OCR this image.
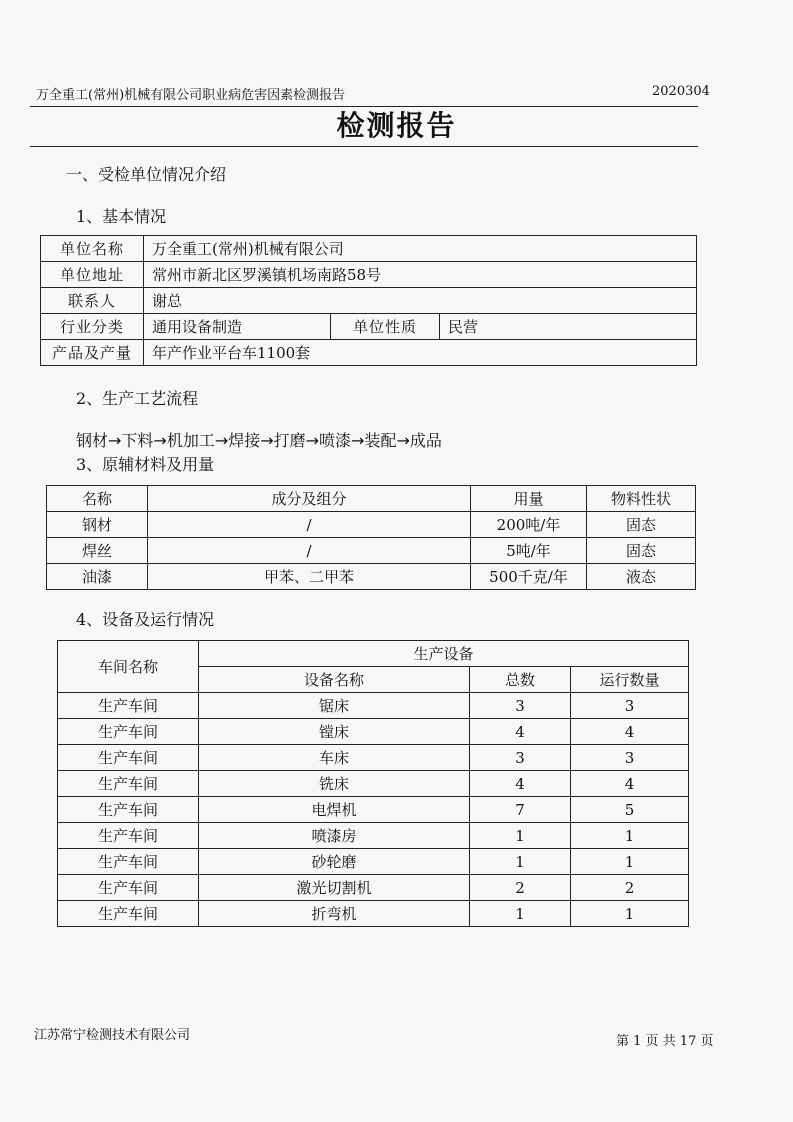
万全重工(常州)机械有限公司职业病危害因素检测报告	2020304
检测报告
一、受检单位情况介绍
1、基本情况
单位名称	万全重工(常州)机械有限公司		
单位地址	常州市新北区罗溪镇机场南路58号		
联系人	谢总		
行业分类	通用设备制造	单位性质	民营
产品及产量	年产作业平台车1100套		
2、生产工艺流程
钢材→下料→机加工→焊接→打磨→喷漆→装配→成品
3、原辅材料及用量
名称	成分及组分	用量	物料性状
钢材	/	200吨/年	固态
焊丝	/	5吨/年	固态
油漆	甲苯、二甲苯	500千克/年	液态
4、设备及运行情况
车间名称	生产设备		
	设备名称	总数	运行数量
生产车间	锯床	3	3
生产车间	镗床	4	4
生产车间	车床	3	3
生产车间	铣床	4	4
生产车间	电焊机	7	5
生产车间	喷漆房	1	1
生产车间	砂轮磨	1	1
生产车间	激光切割机	2	2
生产车间	折弯机	1	1
江苏常宁检测技术有限公司	第 1 页 共 17 页
